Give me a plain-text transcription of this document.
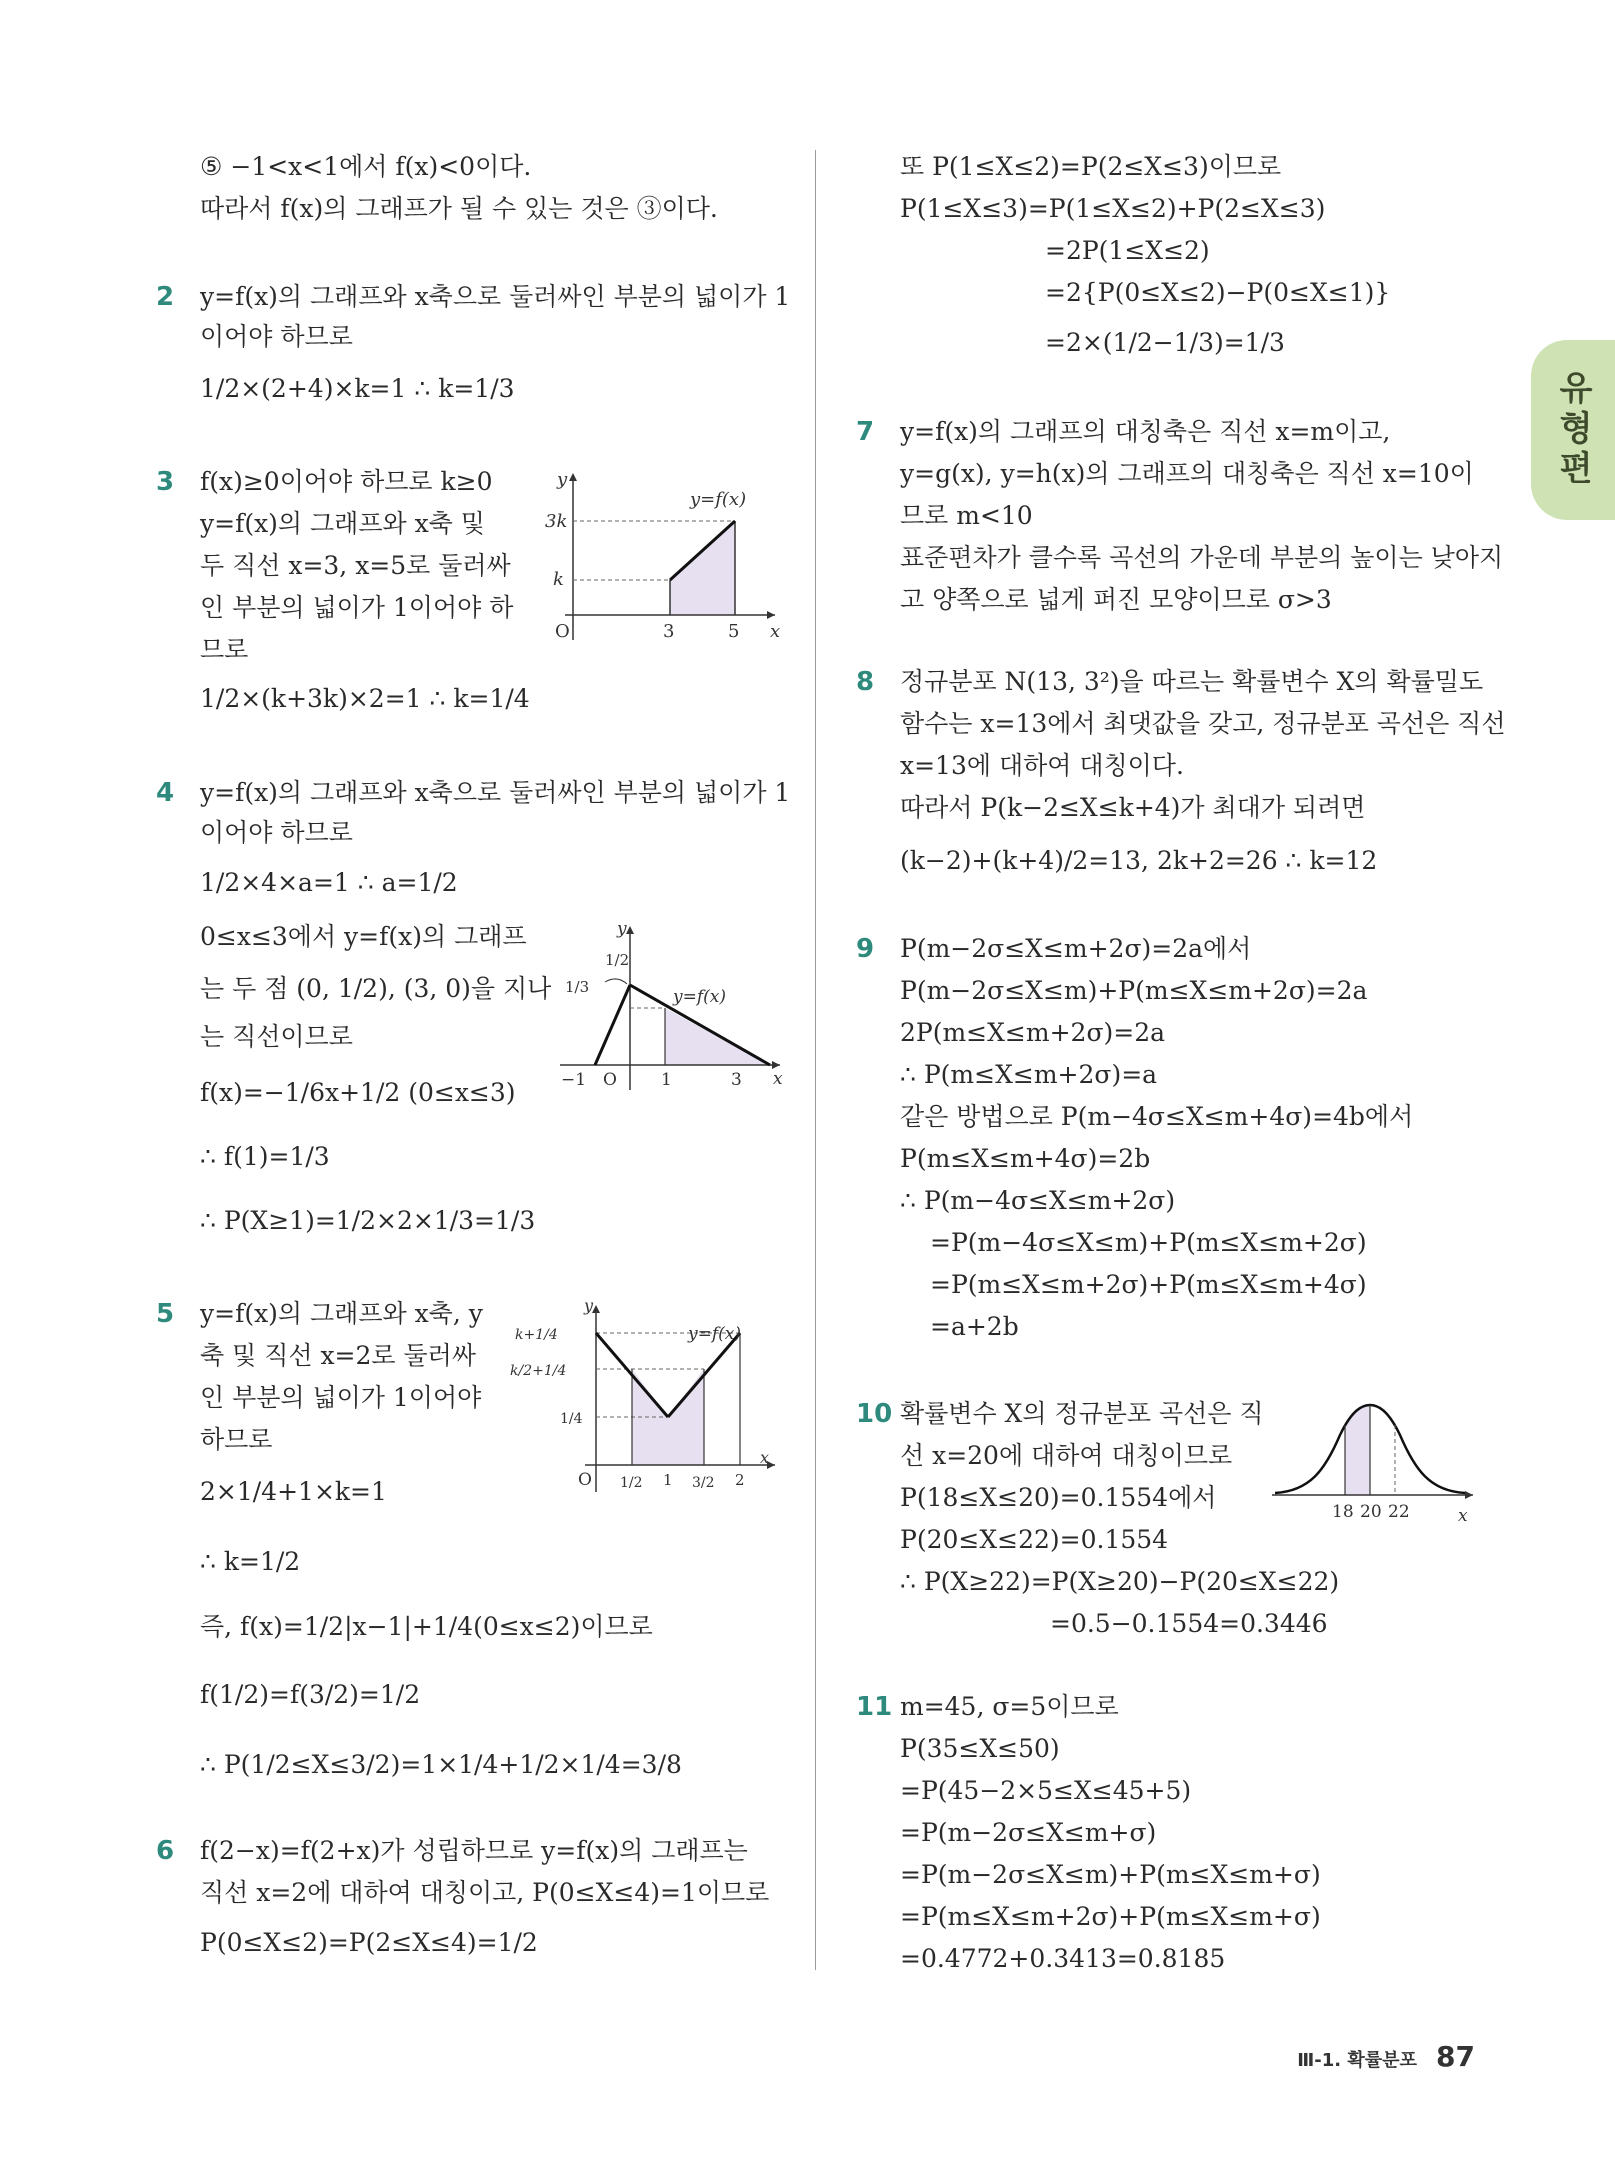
⑤ −1<x<1에서 f(x)<0이다.
따라서 f(x)의 그래프가 될 수 있는 것은 ③이다.
2 y=f(x)의 그래프와 x축으로 둘러싸인 부분의 넓이가 1
이어야 하므로
1/2×(2+4)×k=1 ∴ k=1/3
3 f(x)≥0이어야 하므로 k≥0
y=f(x)의 그래프와 x축 및
두 직선 x=3, x=5로 둘러싸
인 부분의 넓이가 1이어야 하
므로
1/2×(k+3k)×2=1 ∴ k=1/4
4 y=f(x)의 그래프와 x축으로 둘러싸인 부분의 넓이가 1
이어야 하므로
1/2×4×a=1 ∴ a=1/2
0≤x≤3에서 y=f(x)의 그래프
는 두 점 (0, 1/2), (3, 0)을 지나
는 직선이므로
f(x)=−1/6x+1/2 (0≤x≤3)
∴ f(1)=1/3
∴ P(X≥1)=1/2×2×1/3=1/3
5 y=f(x)의 그래프와 x축, y
축 및 직선 x=2로 둘러싸
인 부분의 넓이가 1이어야
하므로
2×1/4+1×k=1
∴ k=1/2
즉, f(x)=1/2|x−1|+1/4(0≤x≤2)이므로
f(1/2)=f(3/2)=1/2
∴ P(1/2≤X≤3/2)=1×1/4+1/2×1/4=3/8
6 f(2−x)=f(2+x)가 성립하므로 y=f(x)의 그래프는
직선 x=2에 대하여 대칭이고, P(0≤X≤4)=1이므로
P(0≤X≤2)=P(2≤X≤4)=1/2
y
x
O
y=f(x)
3k
k
3	5
y
x
O
y=f(x)
1/2
1/3
−1	1	3
y
x
O
y=f(x)
k+1/4
k/2+1/4
1/4
1/2 1 3/2 2
또 P(1≤X≤2)=P(2≤X≤3)이므로
P(1≤X≤3)=P(1≤X≤2)+P(2≤X≤3)
=2P(1≤X≤2)
=2{P(0≤X≤2)−P(0≤X≤1)}
=2×(1/2−1/3)=1/3
7 y=f(x)의 그래프의 대칭축은 직선 x=m이고,
y=g(x), y=h(x)의 그래프의 대칭축은 직선 x=10이
므로 m<10
표준편차가 클수록 곡선의 가운데 부분의 높이는 낮아지
고 양쪽으로 넓게 퍼진 모양이므로 σ>3
8 정규분포 N(13, 3²)을 따르는 확률변수 X의 확률밀도
함수는 x=13에서 최댓값을 갖고, 정규분포 곡선은 직선
x=13에 대하여 대칭이다.
따라서 P(k−2≤X≤k+4)가 최대가 되려면
(k−2)+(k+4)/2=13, 2k+2=26 ∴ k=12
9 P(m−2σ≤X≤m+2σ)=2a에서
P(m−2σ≤X≤m)+P(m≤X≤m+2σ)=2a
2P(m≤X≤m+2σ)=2a
∴ P(m≤X≤m+2σ)=a
같은 방법으로 P(m−4σ≤X≤m+4σ)=4b에서
P(m≤X≤m+4σ)=2b
∴ P(m−4σ≤X≤m+2σ)
=P(m−4σ≤X≤m)+P(m≤X≤m+2σ)
=P(m≤X≤m+2σ)+P(m≤X≤m+4σ)
=a+2b
10 확률변수 X의 정규분포 곡선은 직
선 x=20에 대하여 대칭이므로
P(18≤X≤20)=0.1554에서
P(20≤X≤22)=0.1554
∴ P(X≥22)=P(X≥20)−P(20≤X≤22)
=0.5−0.1554=0.3446
11 m=45, σ=5이므로
P(35≤X≤50)
=P(45−2×5≤X≤45+5)
=P(m−2σ≤X≤m+σ)
=P(m−2σ≤X≤m)+P(m≤X≤m+σ)
=P(m≤X≤m+2σ)+P(m≤X≤m+σ)
=0.4772+0.3413=0.8185
x
18 20 22
유형편
Ⅲ-1. 확률분포 87
